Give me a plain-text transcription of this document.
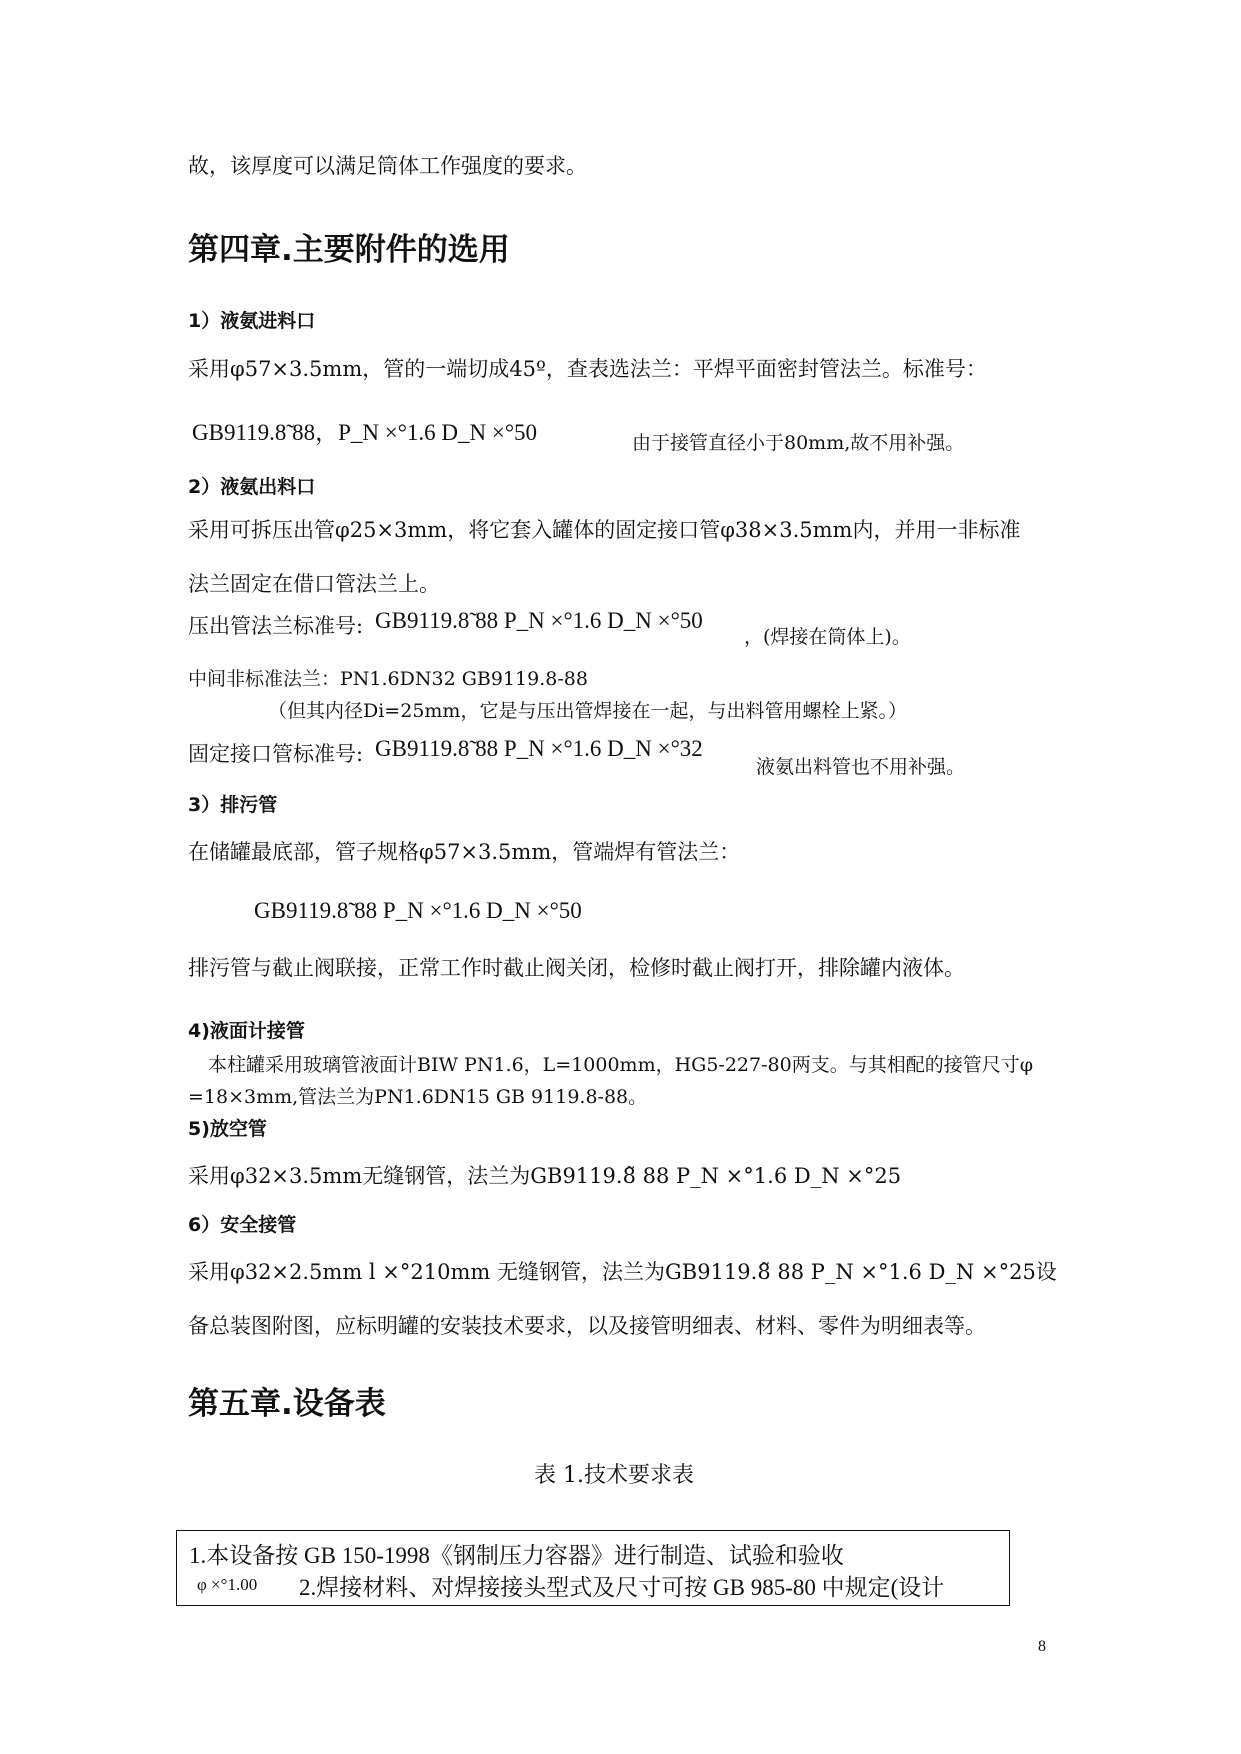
故，该厚度可以满足筒体工作强度的要求。
第四章.主要附件的选用
1）液氨进料口
采用φ57×3.5mm，管的一端切成45º，查表选法兰：平焊平面密封管法兰。标准号：
GB9119.8̃ 88，P_N ×°1.6 D_N ×°50	由于接管直径小于80mm,故不用补强。
2）液氨出料口
采用可拆压出管φ25×3mm，将它套入罐体的固定接口管φ38×3.5mm内，并用一非标准
法兰固定在借口管法兰上。
压出管法兰标准号: GB9119.8̃ 88 P_N ×°1.6 D_N ×°50
，(焊接在筒体上)。
中间非标准法兰：PN1.6DN32 GB9119.8-88
（但其内径Di=25mm，它是与压出管焊接在一起，与出料管用螺栓上紧。）
固定接口管标准号: GB9119.8̃ 88 P_N ×°1.6 D_N ×°32
液氨出料管也不用补强。
3）排污管
在储罐最底部，管子规格φ57×3.5mm，管端焊有管法兰：
GB9119.8̃ 88 P_N ×°1.6 D_N ×°50
排污管与截止阀联接，正常工作时截止阀关闭，检修时截止阀打开，排除罐内液体。
4)液面计接管
本柱罐采用玻璃管液面计BIW PN1.6，L=1000mm，HG5-227-80两支。与其相配的接管尺寸φ
=18×3mm,管法兰为PN1.6DN15 GB 9119.8-88。
5)放空管
采用φ32×3.5mm无缝钢管，法兰为GB9119.8̃ 88 P_N ×°1.6 D_N ×°25
6）安全接管
采用φ32×2.5mm l ×°210mm 无缝钢管，法兰为GB9119.8̃ 88 P_N ×°1.6 D_N ×°25设
备总装图附图，应标明罐的安装技术要求，以及接管明细表、材料、零件为明细表等。
第五章.设备表
表 1.技术要求表
1.本设备按 GB 150-1998《钢制压力容器》进行制造、试验和验收
φ ×°1.00 2.焊接材料、对焊接接头型式及尺寸可按 GB 985-80 中规定(设计
8
